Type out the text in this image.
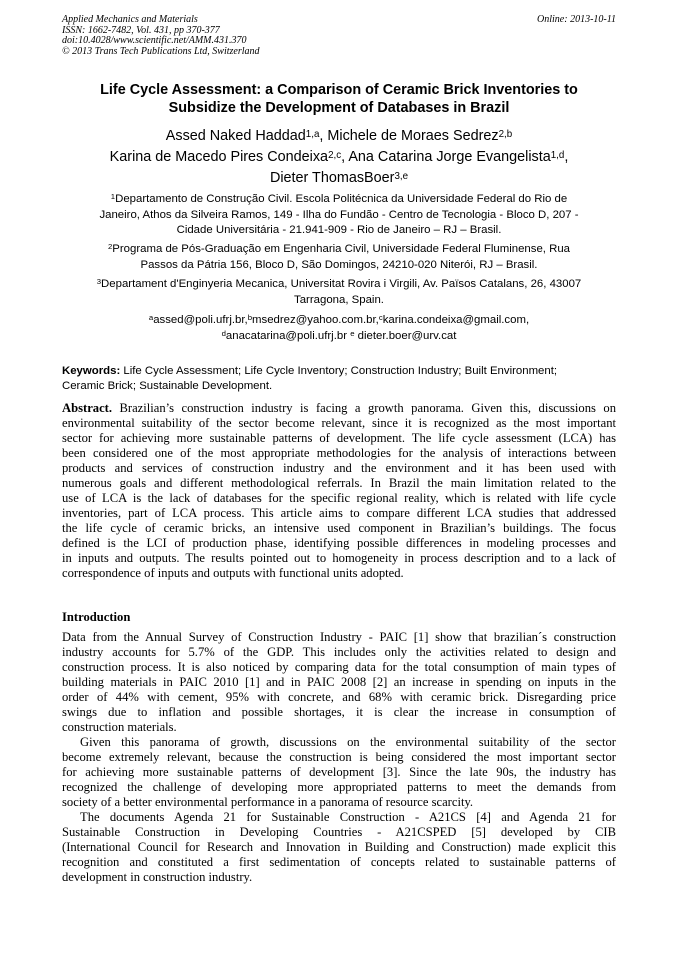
Applied Mechanics and Materials	Online: 2013-10-11
ISSN: 1662-7482, Vol. 431, pp 370-377
doi:10.4028/www.scientific.net/AMM.431.370
© 2013 Trans Tech Publications Ltd, Switzerland
Life Cycle Assessment: a Comparison of Ceramic Brick Inventories to
Subsidize the Development of Databases in Brazil
Assed Naked Haddad$^{1,a}$, Michele de Moraes Sedrez$^{2,b}$
Karina de Macedo Pires Condeixa$^{2,c}$, Ana Catarina Jorge Evangelista$^{1,d}$,
Dieter ThomasBoer$^{3,e}$
$^1$Departamento de Construção Civil. Escola Politécnica da Universidade Federal do Rio de
Janeiro, Athos da Silveira Ramos, 149 - Ilha do Fundão - Centro de Tecnologia - Bloco D, 207 -
Cidade Universitária - 21.941-909 - Rio de Janeiro – RJ – Brasil.
$^2$Programa de Pós-Graduação em Engenharia Civil, Universidade Federal Fluminense, Rua
Passos da Pátria 156, Bloco D, São Domingos, 24210-020 Niterói, RJ – Brasil.
$^3$Departament d'Enginyeria Mecanica, Universitat Rovira i Virgili, Av. Països Catalans, 26, 43007
Tarragona, Spain.
$^a$assed@poli.ufrj.br,$^b$msedrez@yahoo.com.br,$^c$karina.condeixa@gmail.com,
$^d$anacatarina@poli.ufrj.br $^e$ dieter.boer@urv.cat
Keywords: Life Cycle Assessment; Life Cycle Inventory; Construction Industry; Built Environment;
Ceramic Brick; Sustainable Development.
Abstract. Brazilian’s construction industry is facing a growth panorama. Given this, discussions on
environmental suitability of the sector become relevant, since it is recognized as the most important
sector for achieving more sustainable patterns of development. The life cycle assessment (LCA) has
been considered one of the most appropriate methodologies for the analysis of interactions between
products and services of construction industry and the environment and it has been used with
numerous goals and different methodological referrals. In Brazil the main limitation related to the
use of LCA is the lack of databases for the specific regional reality, which is related with life cycle
inventories, part of LCA process. This article aims to compare different LCA studies that addressed
the life cycle of ceramic bricks, an intensive used component in Brazilian’s buildings. The focus
defined is the LCI of production phase, identifying possible differences in modeling processes and
in inputs and outputs. The results pointed out to homogeneity in process description and to a lack of
correspondence of inputs and outputs with functional units adopted.
Introduction
Data from the Annual Survey of Construction Industry - PAIC [1] show that brazilian´s construction
industry accounts for 5.7% of the GDP. This includes only the activities related to design and
construction process. It is also noticed by comparing data for the total consumption of main types of
building materials in PAIC 2010 [1] and in PAIC 2008 [2] an increase in spending on inputs in the
order of 44% with cement, 95% with concrete, and 68% with ceramic brick. Disregarding price
swings due to inflation and possible shortages, it is clear the increase in consumption of
construction materials.
Given this panorama of growth, discussions on the environmental suitability of the sector
become extremely relevant, because the construction is being considered the most important sector
for achieving more sustainable patterns of development [3]. Since the late 90s, the industry has
recognized the challenge of developing more appropriated patterns to meet the demands from
society of a better environmental performance in a panorama of resource scarcity.
The documents Agenda 21 for Sustainable Construction - A21CS [4] and Agenda 21 for
Sustainable Construction in Developing Countries - A21CSPED [5] developed by CIB
(International Council for Research and Innovation in Building and Construction) made explicit this
recognition and constituted a first sedimentation of concepts related to sustainable patterns of
development in construction industry.
